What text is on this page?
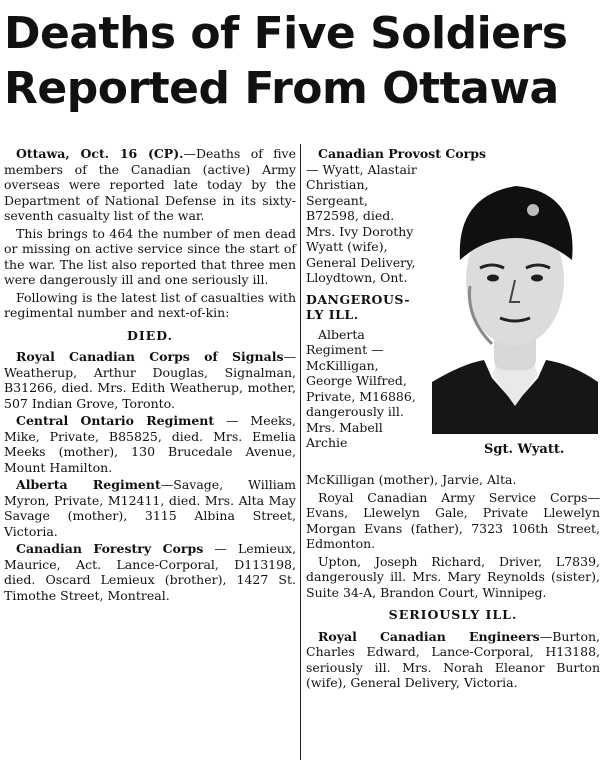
Deaths of Five Soldiers
Reported From Ottawa

Ottawa, Oct. 16 (CP).—Deaths of five members of the Canadian (active) Army overseas were reported late today by the Department of National Defense in its sixty-seventh casualty list of the war.

This brings to 464 the number of men dead or missing on active service since the start of the war. The list also reported that three men were dangerously ill and one seriously ill.

Following is the latest list of casualties with regimental number and next-of-kin:

DIED.

Royal Canadian Corps of Signals—Weatherup, Arthur Douglas, Signalman, B31266, died. Mrs. Edith Weatherup, mother, 507 Indian Grove, Toronto.

Central Ontario Regiment — Meeks, Mike, Private, B85825, died. Mrs. Emelia Meeks (mother), 130 Brucedale Avenue, Mount Hamilton.

Alberta Regiment—Savage, William Myron, Private, M12411, died. Mrs. Alta May Savage (mother), 3115 Albina Street, Victoria.

Canadian Forestry Corps — Lemieux, Maurice, Act. Lance-Corporal, D113198, died. Oscard Lemieux (brother), 1427 St. Timothe Street, Montreal.

Canadian Provost Corps

— Wyatt, Alastair Christian, Sergeant, B72598, died. Mrs. Ivy Dorothy Wyatt (wife), General Delivery, Lloydtown, Ont.

DANGEROUS-
LY ILL.

Alberta Regiment — McKilligan, George Wilfred, Private, M16886, dangerously ill. Mrs. Mabell Archie	Sgt. Wyatt.

McKilligan (mother), Jarvie, Alta.

Royal Canadian Army Service Corps—Evans, Llewelyn Gale, Private Llewelyn Morgan Evans (father), 7323 106th Street, Edmonton.

Upton, Joseph Richard, Driver, L7839, dangerously ill. Mrs. Mary Reynolds (sister), Suite 34-A, Brandon Court, Winnipeg.

SERIOUSLY ILL.

Royal Canadian Engineers—Burton, Charles Edward, Lance-Corporal, H13188, seriously ill. Mrs. Norah Eleanor Burton (wife), General Delivery, Victoria.
